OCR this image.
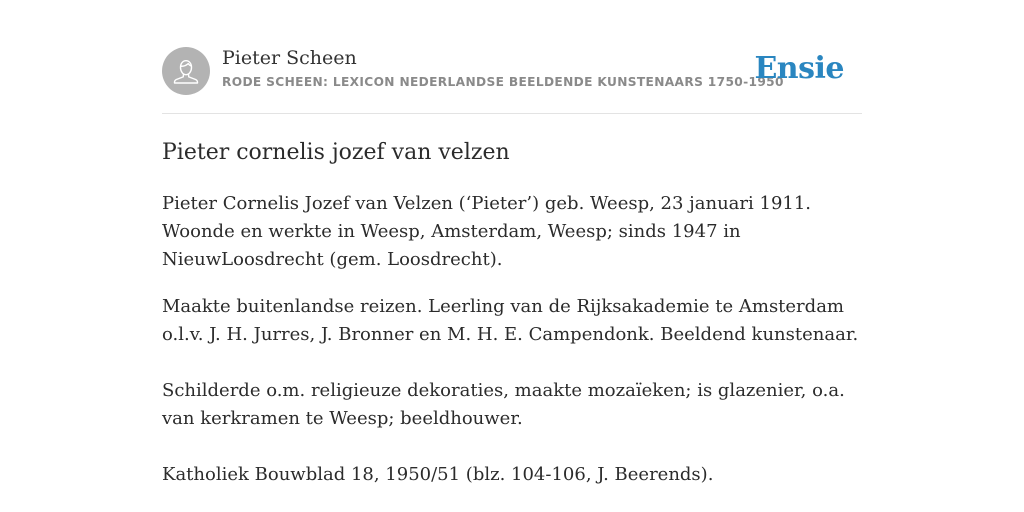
Pieter Scheen
RODE SCHEEN: LEXICON NEDERLANDSE BEELDENDE KUNSTENAARS 1750-1950
Ensie
Pieter cornelis jozef van velzen

Pieter Cornelis Jozef van Velzen (‘Pieter’) geb. Weesp, 23 januari 1911. Woonde en werkte in Weesp, Amsterdam, Weesp; sinds 1947 in NieuwLoosdrecht (gem. Loosdrecht).

Maakte buitenlandse reizen. Leerling van de Rijksakademie te Amsterdam o.l.v. J. H. Jurres, J. Bronner en M. H. E. Campendonk. Beeldend kunstenaar.

Schilderde o.m. religieuze dekoraties, maakte mozaïeken; is glazenier, o.a. van kerkramen te Weesp; beeldhouwer.

Katholiek Bouwblad 18, 1950/51 (blz. 104-106, J. Beerends).
